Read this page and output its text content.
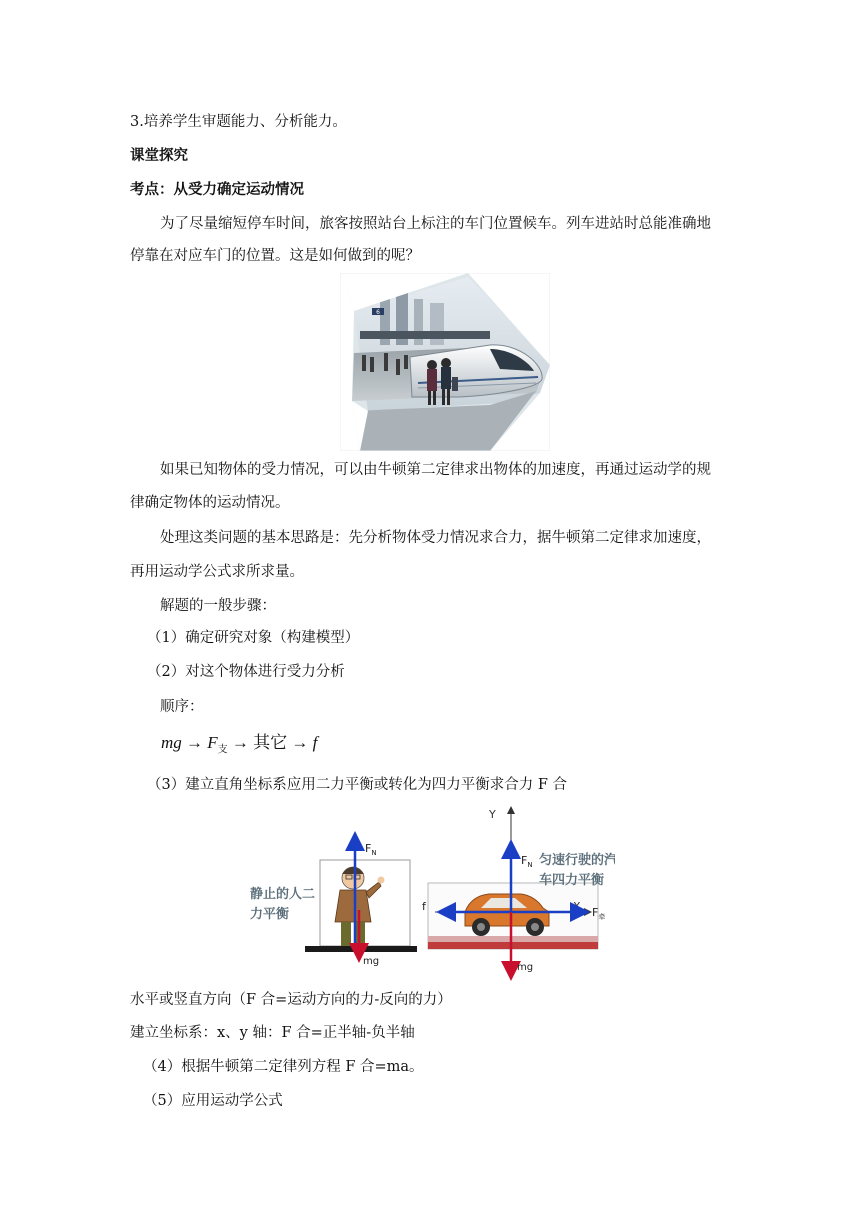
3.培养学生审题能力、分析能力。
课堂探究
考点：从受力确定运动情况
为了尽量缩短停车时间，旅客按照站台上标注的车门位置候车。列车进站时总能准确地
停靠在对应车门的位置。这是如何做到的呢？
6
如果已知物体的受力情况，可以由牛顿第二定律求出物体的加速度，再通过运动学的规
律确定物体的运动情况。
处理这类问题的基本思路是：先分析物体受力情况求合力，据牛顿第二定律求加速度，
再用运动学公式求所求量。
解题的一般步骤：
（1）确定研究对象（构建模型）
（2）对这个物体进行受力分析
顺序：
mg → $F_支$ → 其它 → f
（3）建立直角坐标系应用二力平衡或转化为四力平衡求合力 F 合
静止的人二
力平衡
$F_N$
mg
Y
X
$F_N$
f	$F_牵$
mg
匀速行驶的汽
车四力平衡
水平或竖直方向（F 合=运动方向的力-反向的力）
建立坐标系：x、y 轴：F 合=正半轴-负半轴
（4）根据牛顿第二定律列方程 F 合=ma。
（5）应用运动学公式
